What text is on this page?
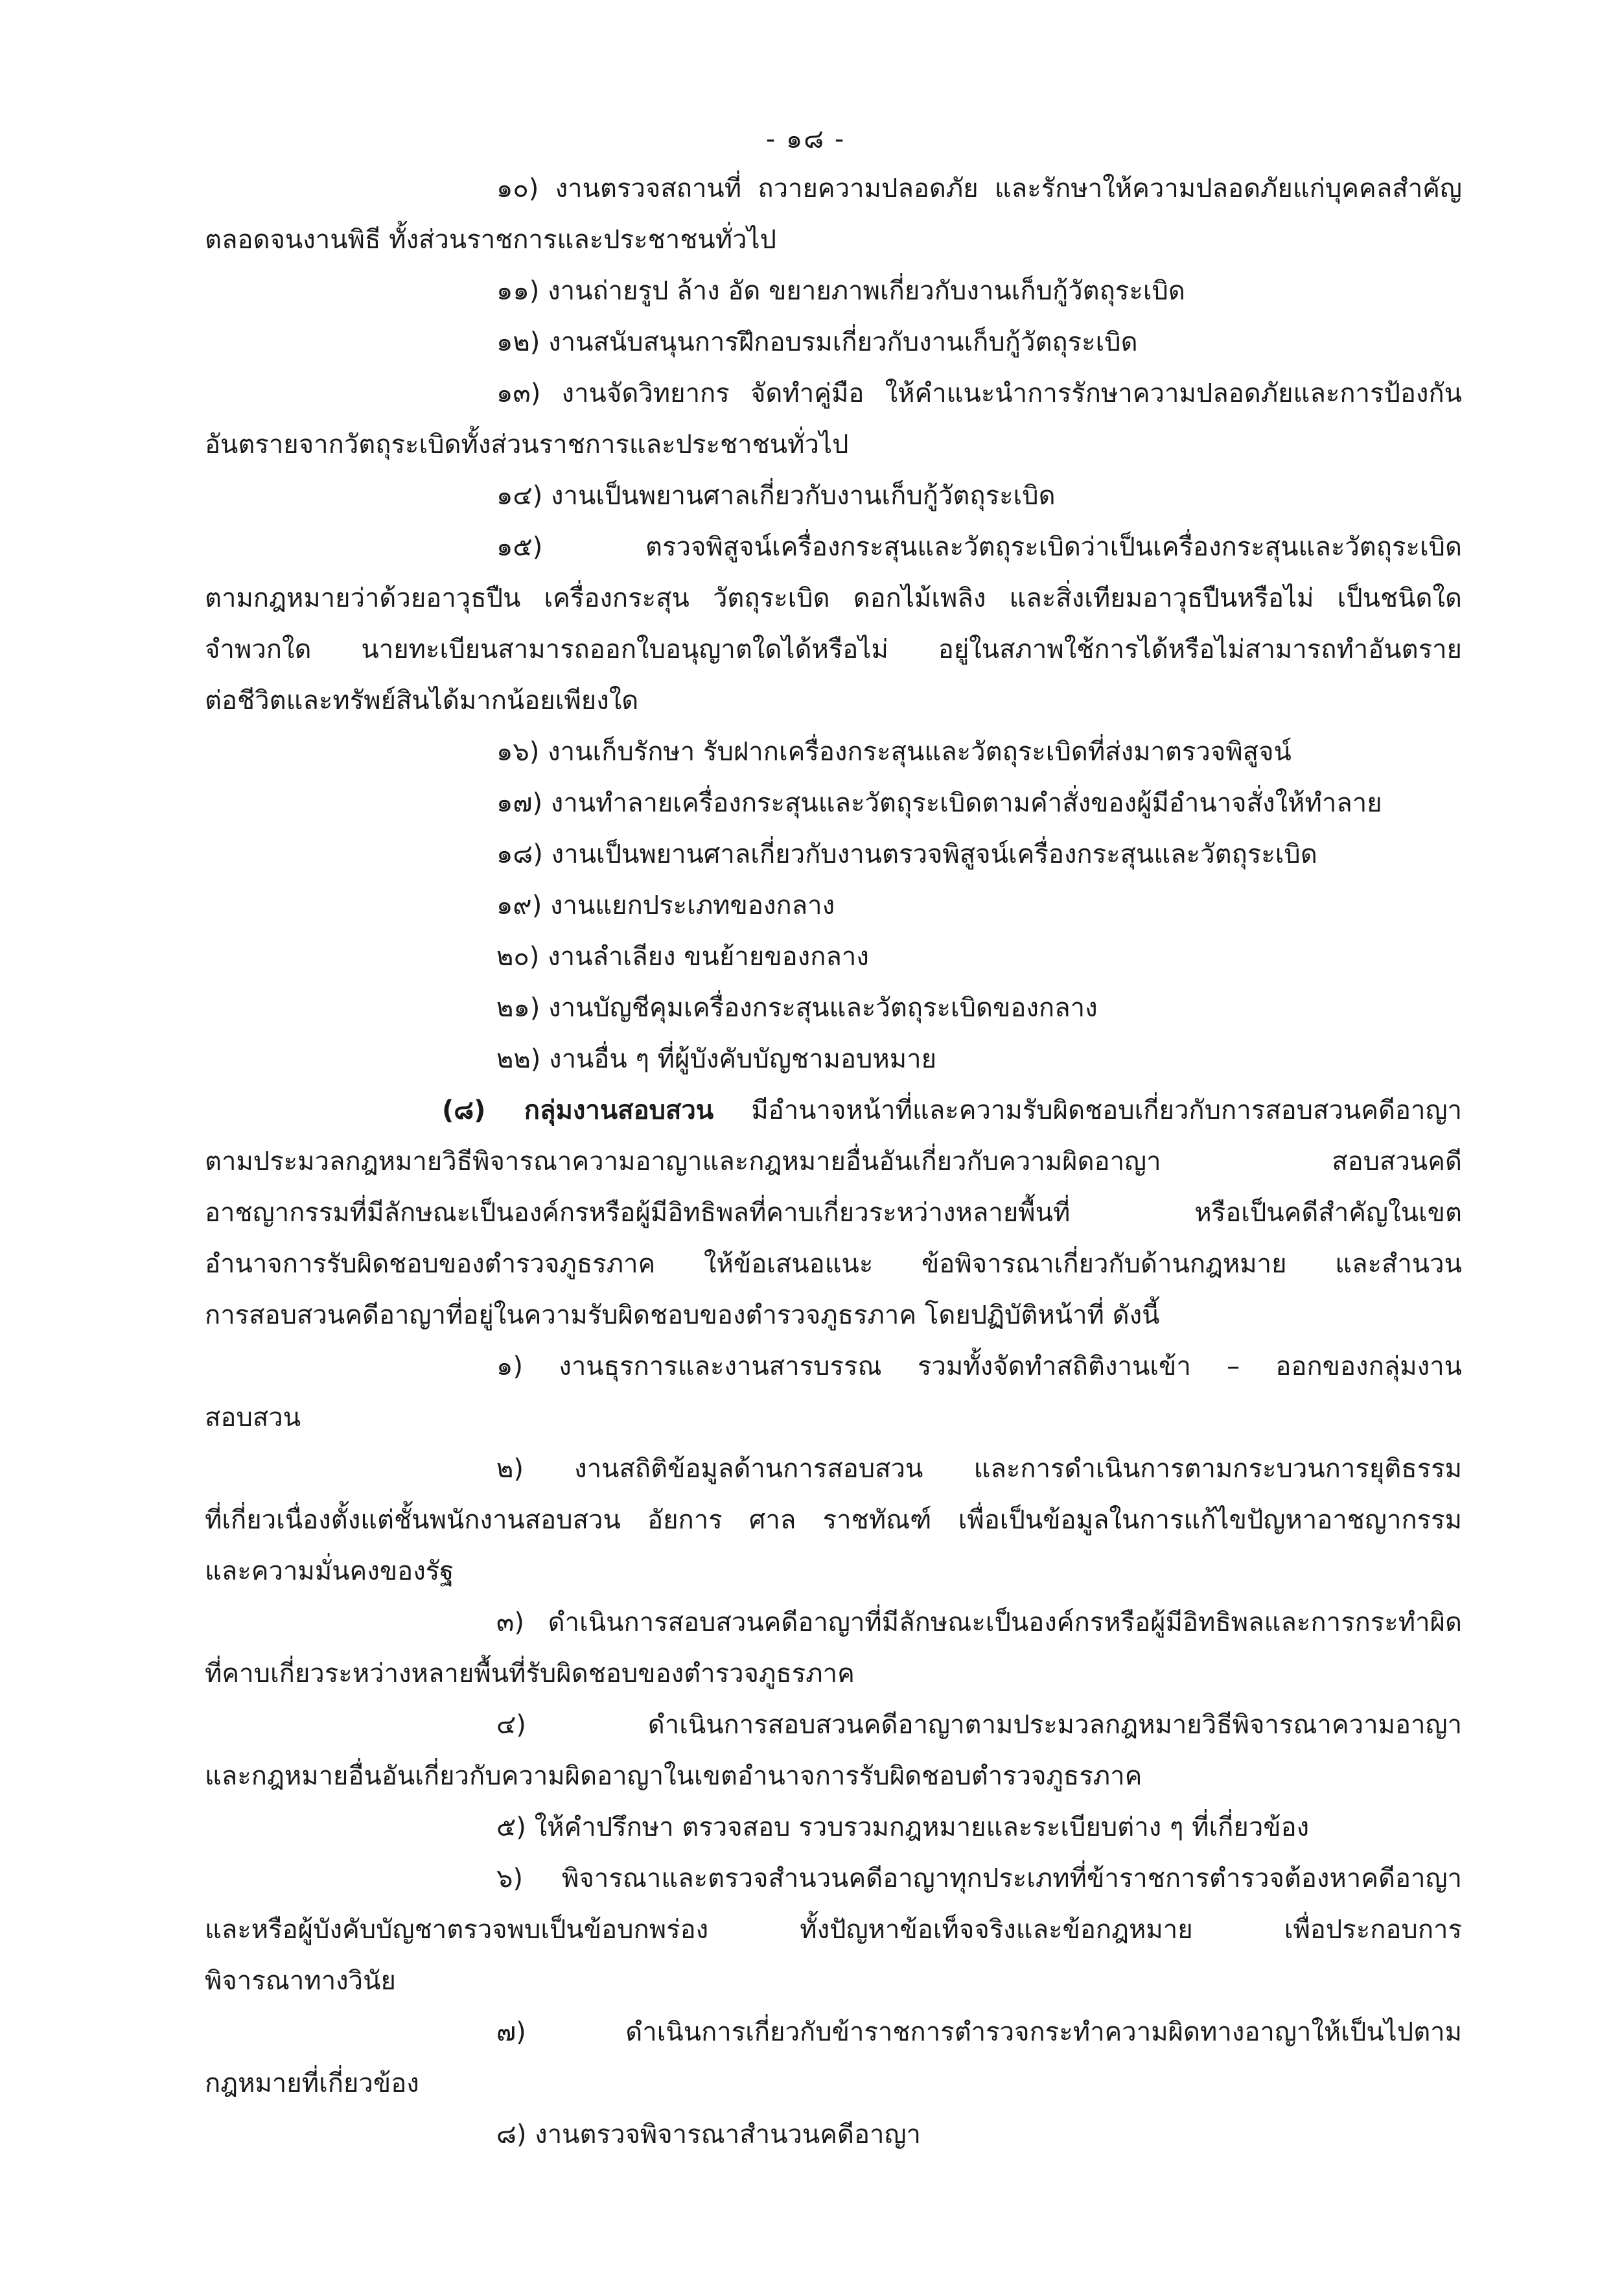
- ๑๘ -
๑๐) งานตรวจสถานที่ ถวายความปลอดภัย และรักษาให้ความปลอดภัยแก่บุคคลสำคัญ
ตลอดจนงานพิธี ทั้งส่วนราชการและประชาชนทั่วไป
๑๑) งานถ่ายรูป ล้าง อัด ขยายภาพเกี่ยวกับงานเก็บกู้วัตถุระเบิด
๑๒) งานสนับสนุนการฝึกอบรมเกี่ยวกับงานเก็บกู้วัตถุระเบิด
๑๓) งานจัดวิทยากร จัดทำคู่มือ ให้คำแนะนำการรักษาความปลอดภัยและการป้องกัน
อันตรายจากวัตถุระเบิดทั้งส่วนราชการและประชาชนทั่วไป
๑๔) งานเป็นพยานศาลเกี่ยวกับงานเก็บกู้วัตถุระเบิด
๑๕) ตรวจพิสูจน์เครื่องกระสุนและวัตถุระเบิดว่าเป็นเครื่องกระสุนและวัตถุระเบิด
ตามกฎหมายว่าด้วยอาวุธปืน เครื่องกระสุน วัตถุระเบิด ดอกไม้เพลิง และสิ่งเทียมอาวุธปืนหรือไม่ เป็นชนิดใด
จำพวกใด นายทะเบียนสามารถออกใบอนุญาตใดได้หรือไม่ อยู่ในสภาพใช้การได้หรือไม่สามารถทำอันตราย
ต่อชีวิตและทรัพย์สินได้มากน้อยเพียงใด
๑๖) งานเก็บรักษา รับฝากเครื่องกระสุนและวัตถุระเบิดที่ส่งมาตรวจพิสูจน์
๑๗) งานทำลายเครื่องกระสุนและวัตถุระเบิดตามคำสั่งของผู้มีอำนาจสั่งให้ทำลาย
๑๘) งานเป็นพยานศาลเกี่ยวกับงานตรวจพิสูจน์เครื่องกระสุนและวัตถุระเบิด
๑๙) งานแยกประเภทของกลาง
๒๐) งานลำเลียง ขนย้ายของกลาง
๒๑) งานบัญชีคุมเครื่องกระสุนและวัตถุระเบิดของกลาง
๒๒) งานอื่น ๆ ที่ผู้บังคับบัญชามอบหมาย
(๘) กลุ่มงานสอบสวน มีอำนาจหน้าที่และความรับผิดชอบเกี่ยวกับการสอบสวนคดีอาญา
ตามประมวลกฎหมายวิธีพิจารณาความอาญาและกฎหมายอื่นอันเกี่ยวกับความผิดอาญา สอบสวนคดี
อาชญากรรมที่มีลักษณะเป็นองค์กรหรือผู้มีอิทธิพลที่คาบเกี่ยวระหว่างหลายพื้นที่ หรือเป็นคดีสำคัญในเขต
อำนาจการรับผิดชอบของตำรวจภูธรภาค ให้ข้อเสนอแนะ ข้อพิจารณาเกี่ยวกับด้านกฎหมาย และสำนวน
การสอบสวนคดีอาญาที่อยู่ในความรับผิดชอบของตำรวจภูธรภาค โดยปฏิบัติหน้าที่ ดังนี้
๑) งานธุรการและงานสารบรรณ รวมทั้งจัดทำสถิติงานเข้า – ออกของกลุ่มงาน
สอบสวน
๒) งานสถิติข้อมูลด้านการสอบสวน และการดำเนินการตามกระบวนการยุติธรรม
ที่เกี่ยวเนื่องตั้งแต่ชั้นพนักงานสอบสวน อัยการ ศาล ราชทัณฑ์ เพื่อเป็นข้อมูลในการแก้ไขปัญหาอาชญากรรม
และความมั่นคงของรัฐ
๓) ดำเนินการสอบสวนคดีอาญาที่มีลักษณะเป็นองค์กรหรือผู้มีอิทธิพลและการกระทำผิด
ที่คาบเกี่ยวระหว่างหลายพื้นที่รับผิดชอบของตำรวจภูธรภาค
๔) ดำเนินการสอบสวนคดีอาญาตามประมวลกฎหมายวิธีพิจารณาความอาญา
และกฎหมายอื่นอันเกี่ยวกับความผิดอาญาในเขตอำนาจการรับผิดชอบตำรวจภูธรภาค
๕) ให้คำปรึกษา ตรวจสอบ รวบรวมกฎหมายและระเบียบต่าง ๆ ที่เกี่ยวข้อง
๖) พิจารณาและตรวจสำนวนคดีอาญาทุกประเภทที่ข้าราชการตำรวจต้องหาคดีอาญา
และหรือผู้บังคับบัญชาตรวจพบเป็นข้อบกพร่อง ทั้งปัญหาข้อเท็จจริงและข้อกฎหมาย เพื่อประกอบการ
พิจารณาทางวินัย
๗) ดำเนินการเกี่ยวกับข้าราชการตำรวจกระทำความผิดทางอาญาให้เป็นไปตาม
กฎหมายที่เกี่ยวข้อง
๘) งานตรวจพิจารณาสำนวนคดีอาญา
